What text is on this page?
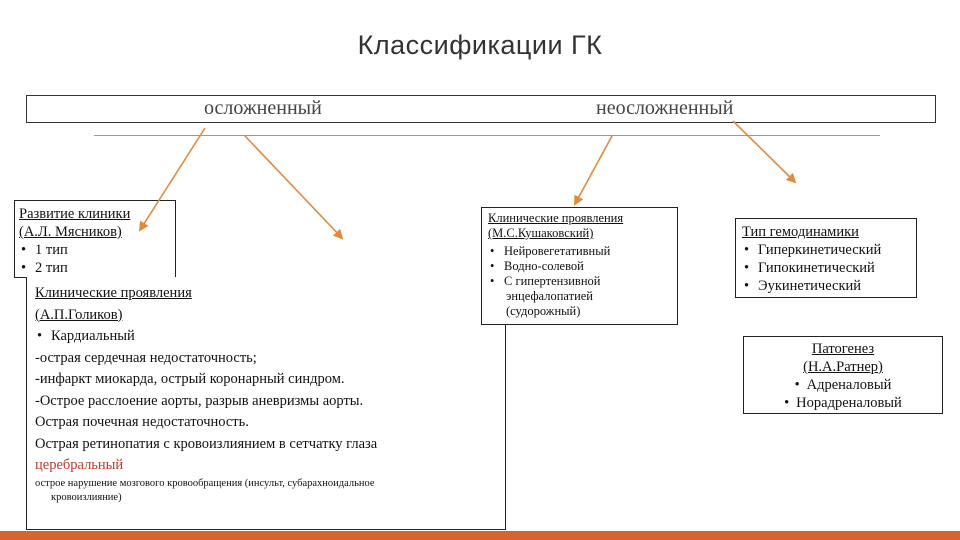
Классификации ГК
осложненный	неосложненный
Развитие клиники
(А.Л. Мясников)
• 1 тип
• 2 тип
Клинические проявления
(А.П.Голиков)
• Кардиальный
-острая сердечная недостаточность;
-инфаркт миокарда, острый коронарный синдром.
-Острое расслоение аорты, разрыв аневризмы аорты.
Острая почечная недостаточность.
Острая ретинопатия с кровоизлиянием в сетчатку глаза
церебральный
острое нарушение мозгового кровообращения (инсульт, субарахноидальное
кровоизлияние)
Клинические проявления
(М.С.Кушаковский)
• Нейровегетативный
• Водно-солевой
• С гипертензивной
энцефалопатией
(судорожный)
Тип гемодинамики
• Гиперкинетический
• Гипокинетический
• Эукинетический
Патогенез
(Н.А.Ратнер)
• Адреналовый
• Норадреналовый
